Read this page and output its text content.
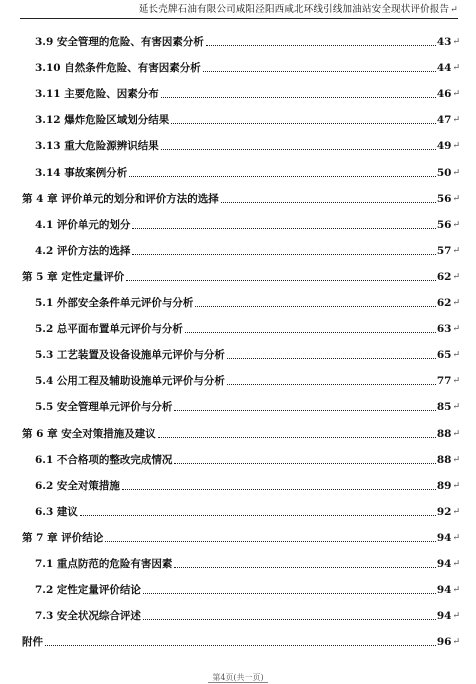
延长壳牌石油有限公司咸阳泾阳西咸北环线引线加油站安全现状评价报告↵
3.9 安全管理的危险、有害因素分析	43 ↵
3.10 自然条件危险、有害因素分析	44 ↵
3.11 主要危险、因素分布	46 ↵
3.12 爆炸危险区域划分结果	47 ↵
3.13 重大危险源辨识结果	49 ↵
3.14 事故案例分析	50 ↵
第 4 章 评价单元的划分和评价方法的选择	56 ↵
4.1 评价单元的划分	56 ↵
4.2 评价方法的选择	57 ↵
第 5 章 定性定量评价	62 ↵
5.1 外部安全条件单元评价与分析	62 ↵
5.2 总平面布置单元评价与分析	63 ↵
5.3 工艺装置及设备设施单元评价与分析	65 ↵
5.4 公用工程及辅助设施单元评价与分析	77 ↵
5.5 安全管理单元评价与分析	85 ↵
第 6 章 安全对策措施及建议	88 ↵
6.1 不合格项的整改完成情况	88 ↵
6.2 安全对策措施	89 ↵
6.3 建议	92 ↵
第 7 章 评价结论	94 ↵
7.1 重点防范的危险有害因素	94 ↵
7.2 定性定量评价结论	94 ↵
7.3 安全状况综合评述	94 ↵
附件	96 ↵
第4页(共一页)
